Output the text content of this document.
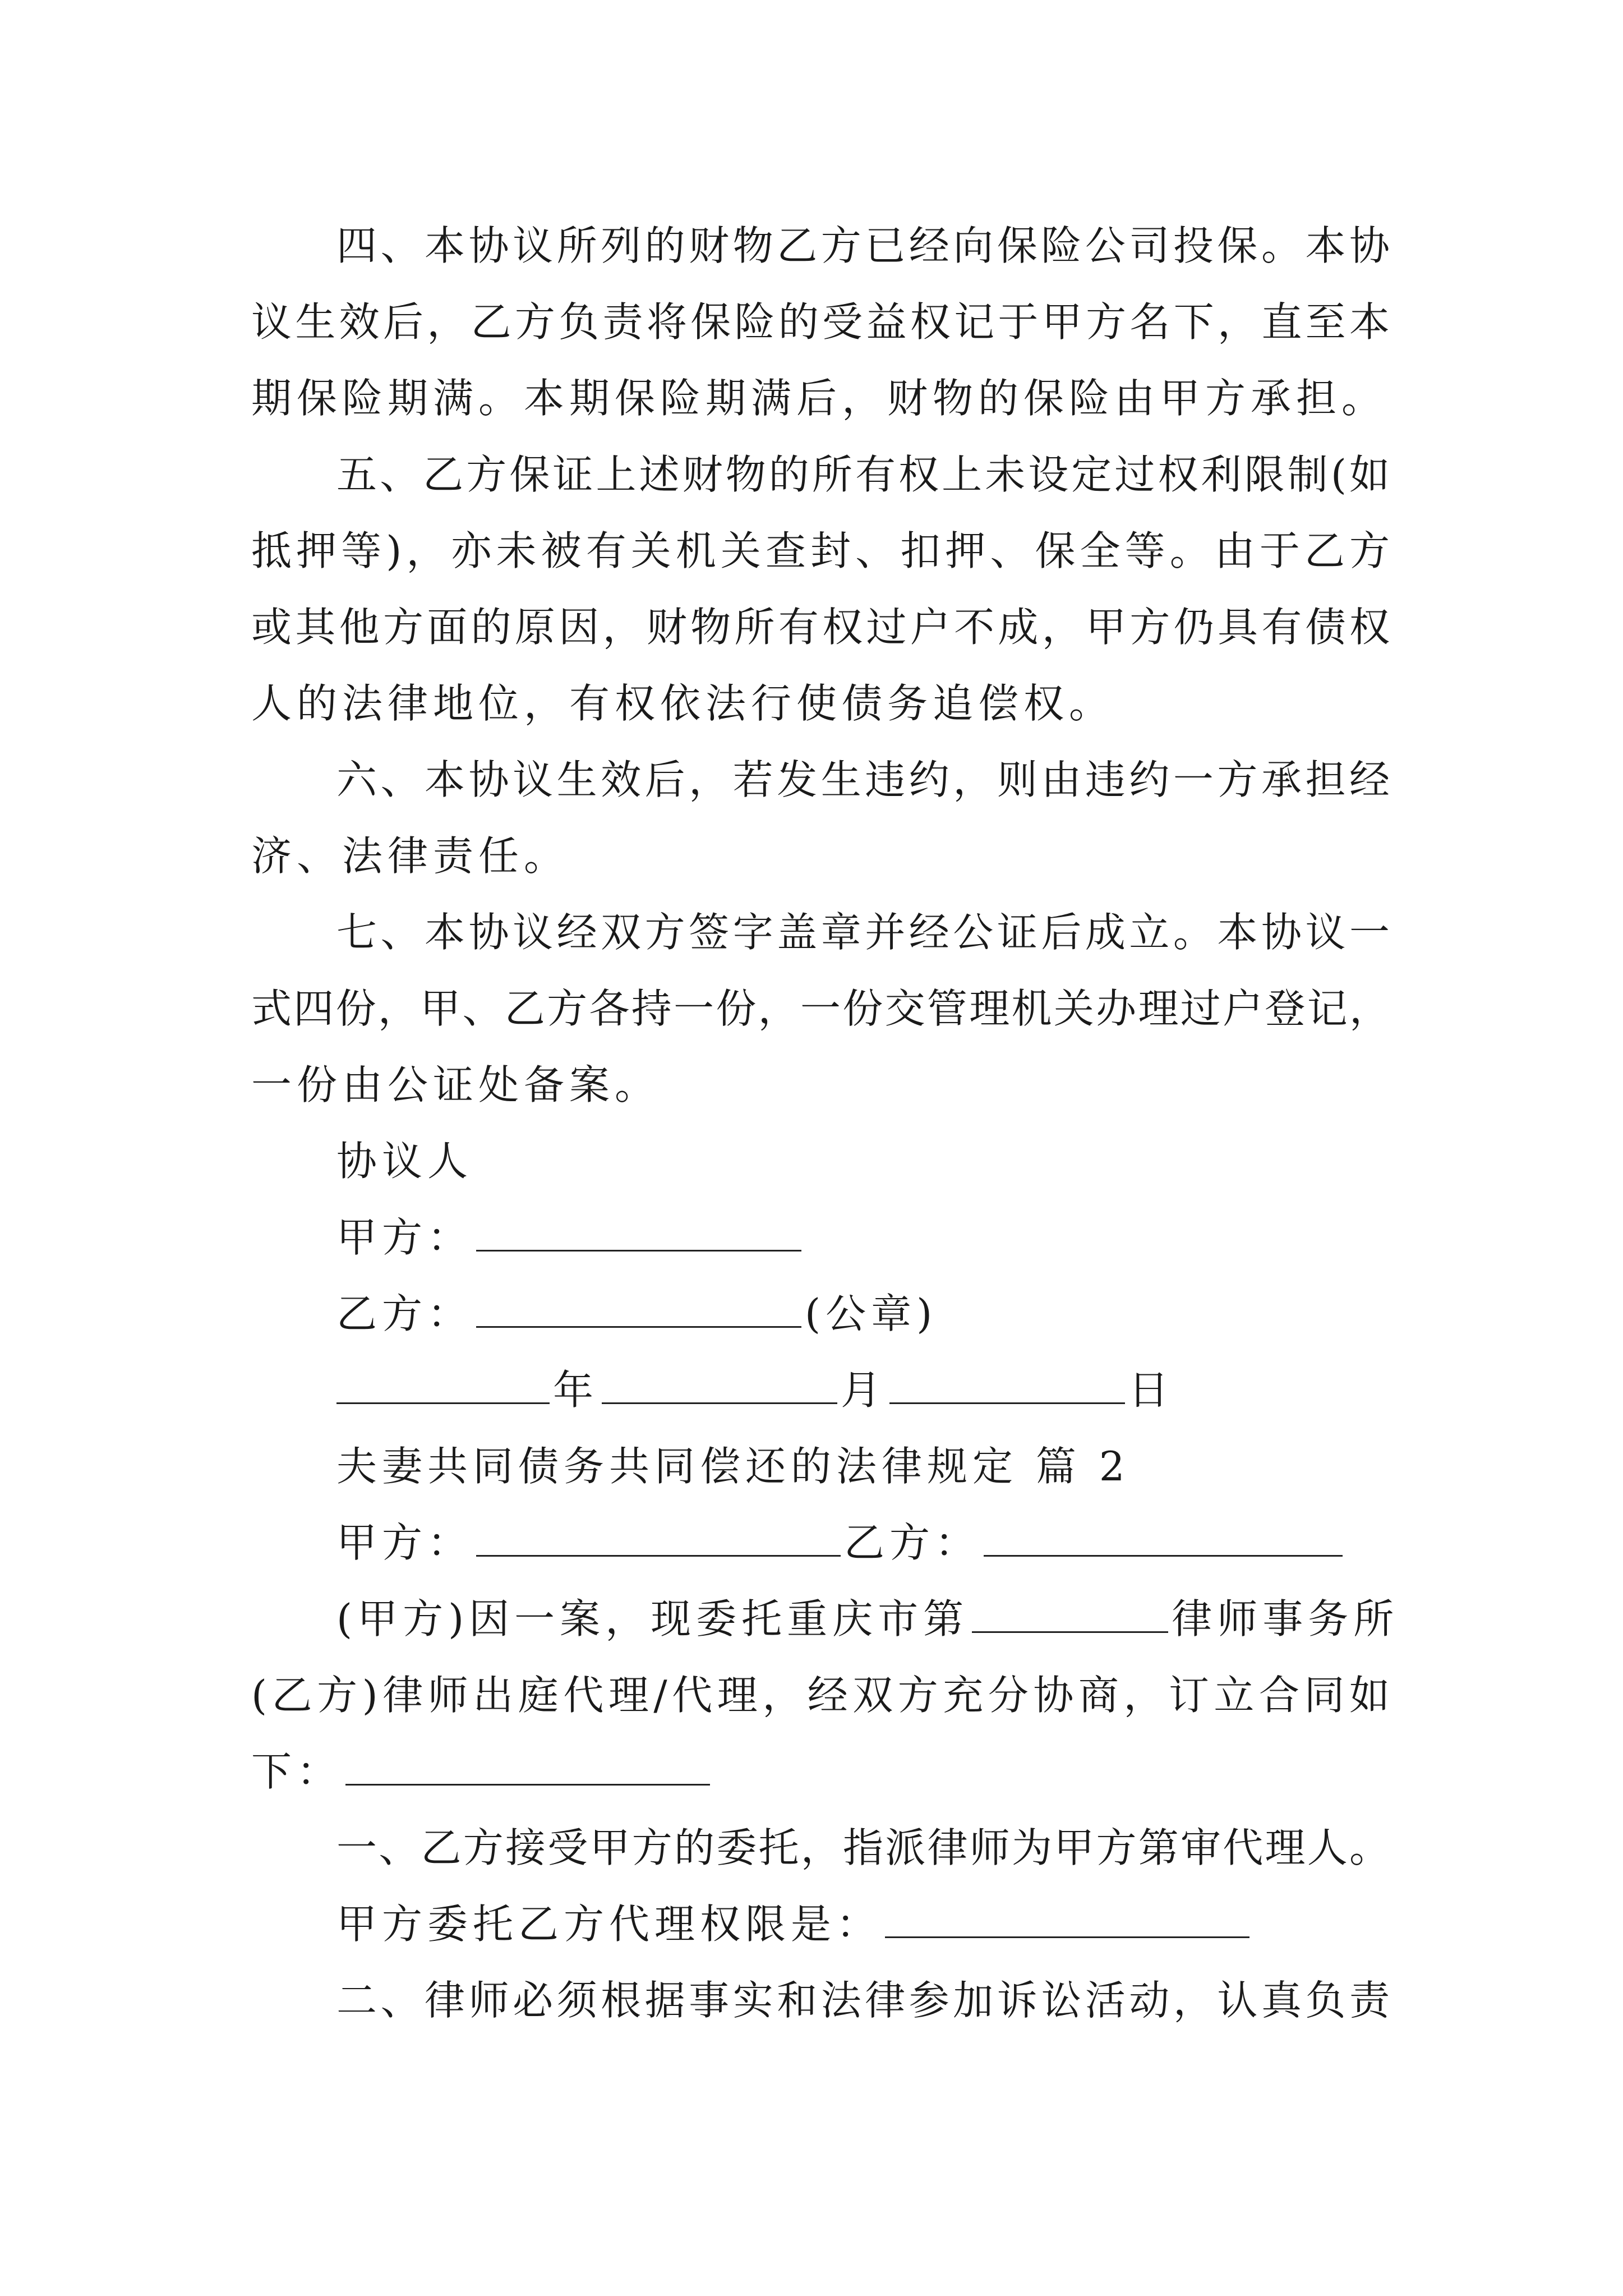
四、本协议所列的财物乙方已经向保险公司投保。本协
议生效后，乙方负责将保险的受益权记于甲方名下，直至本
期保险期满。本期保险期满后，财物的保险由甲方承担。
五、乙方保证上述财物的所有权上未设定过权利限制(如
抵押等)，亦未被有关机关查封、扣押、保全等。由于乙方
或其他方面的原因，财物所有权过户不成，甲方仍具有债权
人的法律地位，有权依法行使债务追偿权。
六、本协议生效后，若发生违约，则由违约一方承担经
济、法律责任。
七、本协议经双方签字盖章并经公证后成立。本协议一
式四份，甲、乙方各持一份，一份交管理机关办理过户登记，
一份由公证处备案。
协议人
甲方：
乙方：	(公章)
年	月	日
夫妻共同债务共同偿还的法律规定 篇 2
甲方：	乙方：
(甲方)因一案，现委托重庆市第	律师事务所
(乙方)律师出庭代理/代理，经双方充分协商，订立合同如
下：
一、乙方接受甲方的委托，指派律师为甲方第审代理人。
甲方委托乙方代理权限是：
二、律师必须根据事实和法律参加诉讼活动，认真负责
